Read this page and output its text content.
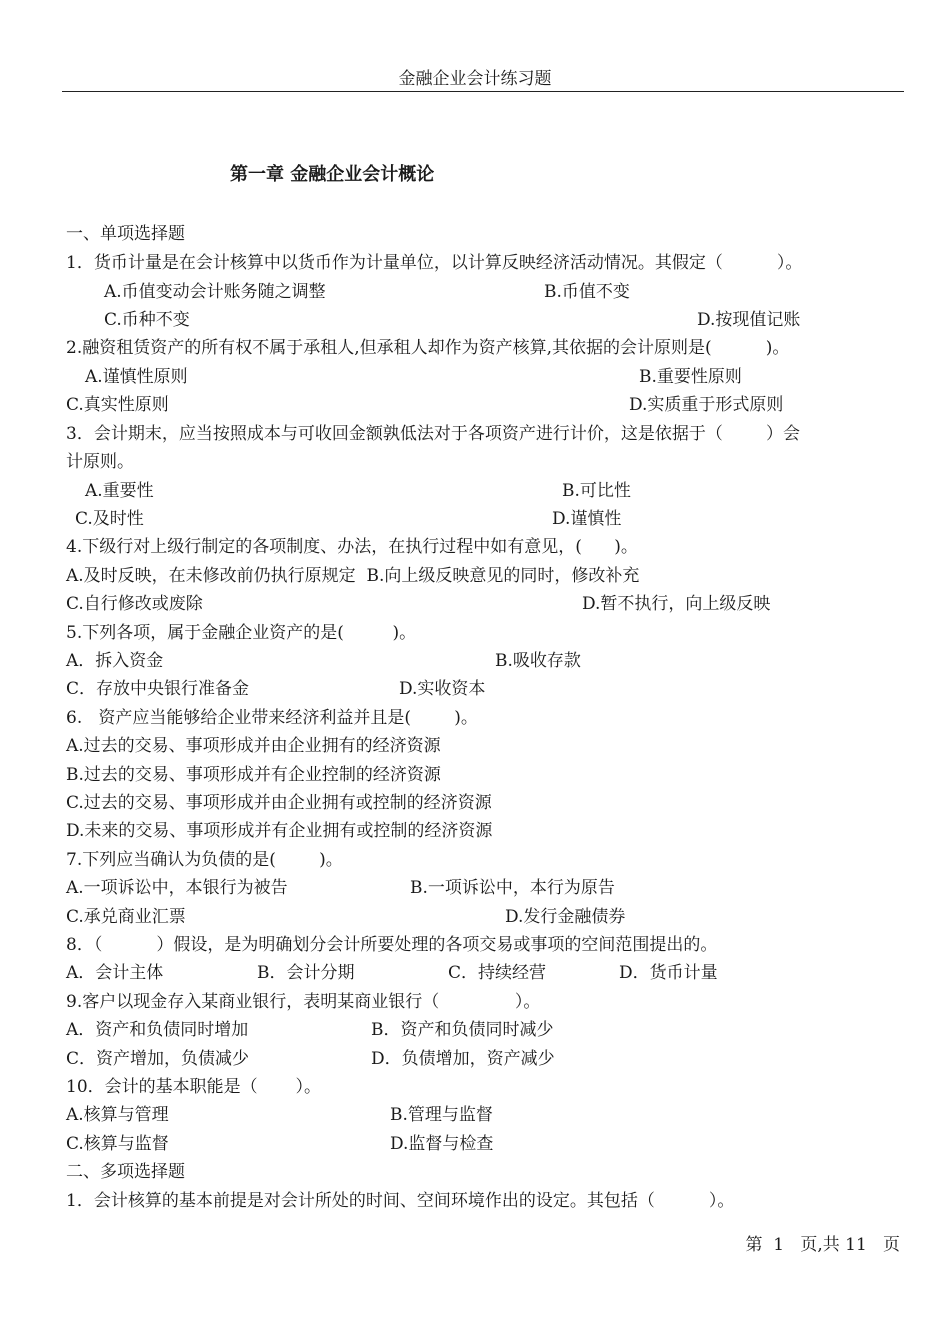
金融企业会计练习题
第一章 金融企业会计概论
一、单项选择题
1．货币计量是在会计核算中以货币作为计量单位，以计算反映经济活动情况。其假定（          ）。
A.币值变动会计账务随之调整	B.币值不变
C.币种不变	D.按现值记账
2.融资租赁资产的所有权不属于承租人,但承租人却作为资产核算,其依据的会计原则是(          )。
A.谨慎性原则	B.重要性原则
C.真实性原则	D.实质重于形式原则
3．会计期末，应当按照成本与可收回金额孰低法对于各项资产进行计价，这是依据于（        ）会
计原则。
A.重要性	B.可比性
C.及时性	D.谨慎性
4.下级行对上级行制定的各项制度、办法，在执行过程中如有意见，(      )。
A.及时反映，在未修改前仍执行原规定  B.向上级反映意见的同时，修改补充
C.自行修改或废除	D.暂不执行，向上级反映
5.下列各项，属于金融企业资产的是(         )。
A．拆入资金	B.吸收存款
C．存放中央银行准备金	D.实收资本
6.   资产应当能够给企业带来经济利益并且是(        )。
A.过去的交易、事项形成并由企业拥有的经济资源
B.过去的交易、事项形成并有企业控制的经济资源
C.过去的交易、事项形成并由企业拥有或控制的经济资源
D.未来的交易、事项形成并有企业拥有或控制的经济资源
7.下列应当确认为负债的是(        )。
A.一项诉讼中，本银行为被告	B.一项诉讼中，本行为原告
C.承兑商业汇票	D.发行金融债券
8．（          ）假设，是为明确划分会计所要处理的各项交易或事项的空间范围提出的。
A．会计主体	B．会计分期	C．持续经营	D．货币计量
9.客户以现金存入某商业银行，表明某商业银行（              ）。
A．资产和负债同时增加	B．资产和负债同时减少
C．资产增加，负债减少	D．负债增加，资产减少
10．会计的基本职能是（       ）。
A.核算与管理	B.管理与监督
C.核算与监督	D.监督与检查
二、多项选择题
1．会计核算的基本前提是对会计所处的时间、空间环境作出的设定。其包括（          ）。
第  1   页,共 11   页
